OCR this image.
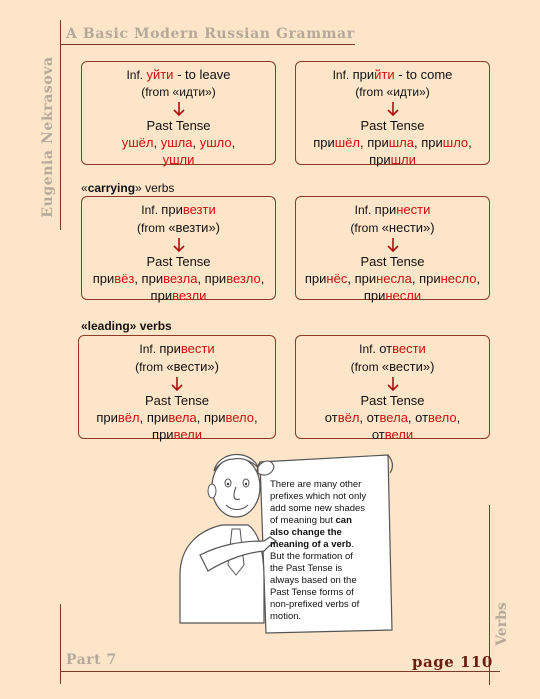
A Basic Modern Russian Grammar
Eugenia Nekrasova
Verbs
Part 7	page 110
Inf. уйти - to leave
(from «идти»)
Past Tense
ушёл, ушла, ушло,
ушли
Inf. прийти - to come
(from «идти»)
Past Tense
пришёл, пришла, пришло,
пришли
«carrying» verbs
Inf. привезти
(from «везти»)
Past Tense
привёз, привезла, привезло,
привезли
Inf. принести
(from «нести»)
Past Tense
принёс, принесла, принесло,
принесли
«leading» verbs
Inf. привести
(from «вести»)
Past Tense
привёл, привела, привело,
привели
Inf. отвести
(from «вести»)
Past Tense
отвёл, отвела, отвело,
отвели
There are many other
prefixes which not only
add some new shades
of meaning but can
also change the
meaning of a verb.
But the formation of
the Past Tense is
always based on the
Past Tense forms of
non-prefixed verbs of
motion.
